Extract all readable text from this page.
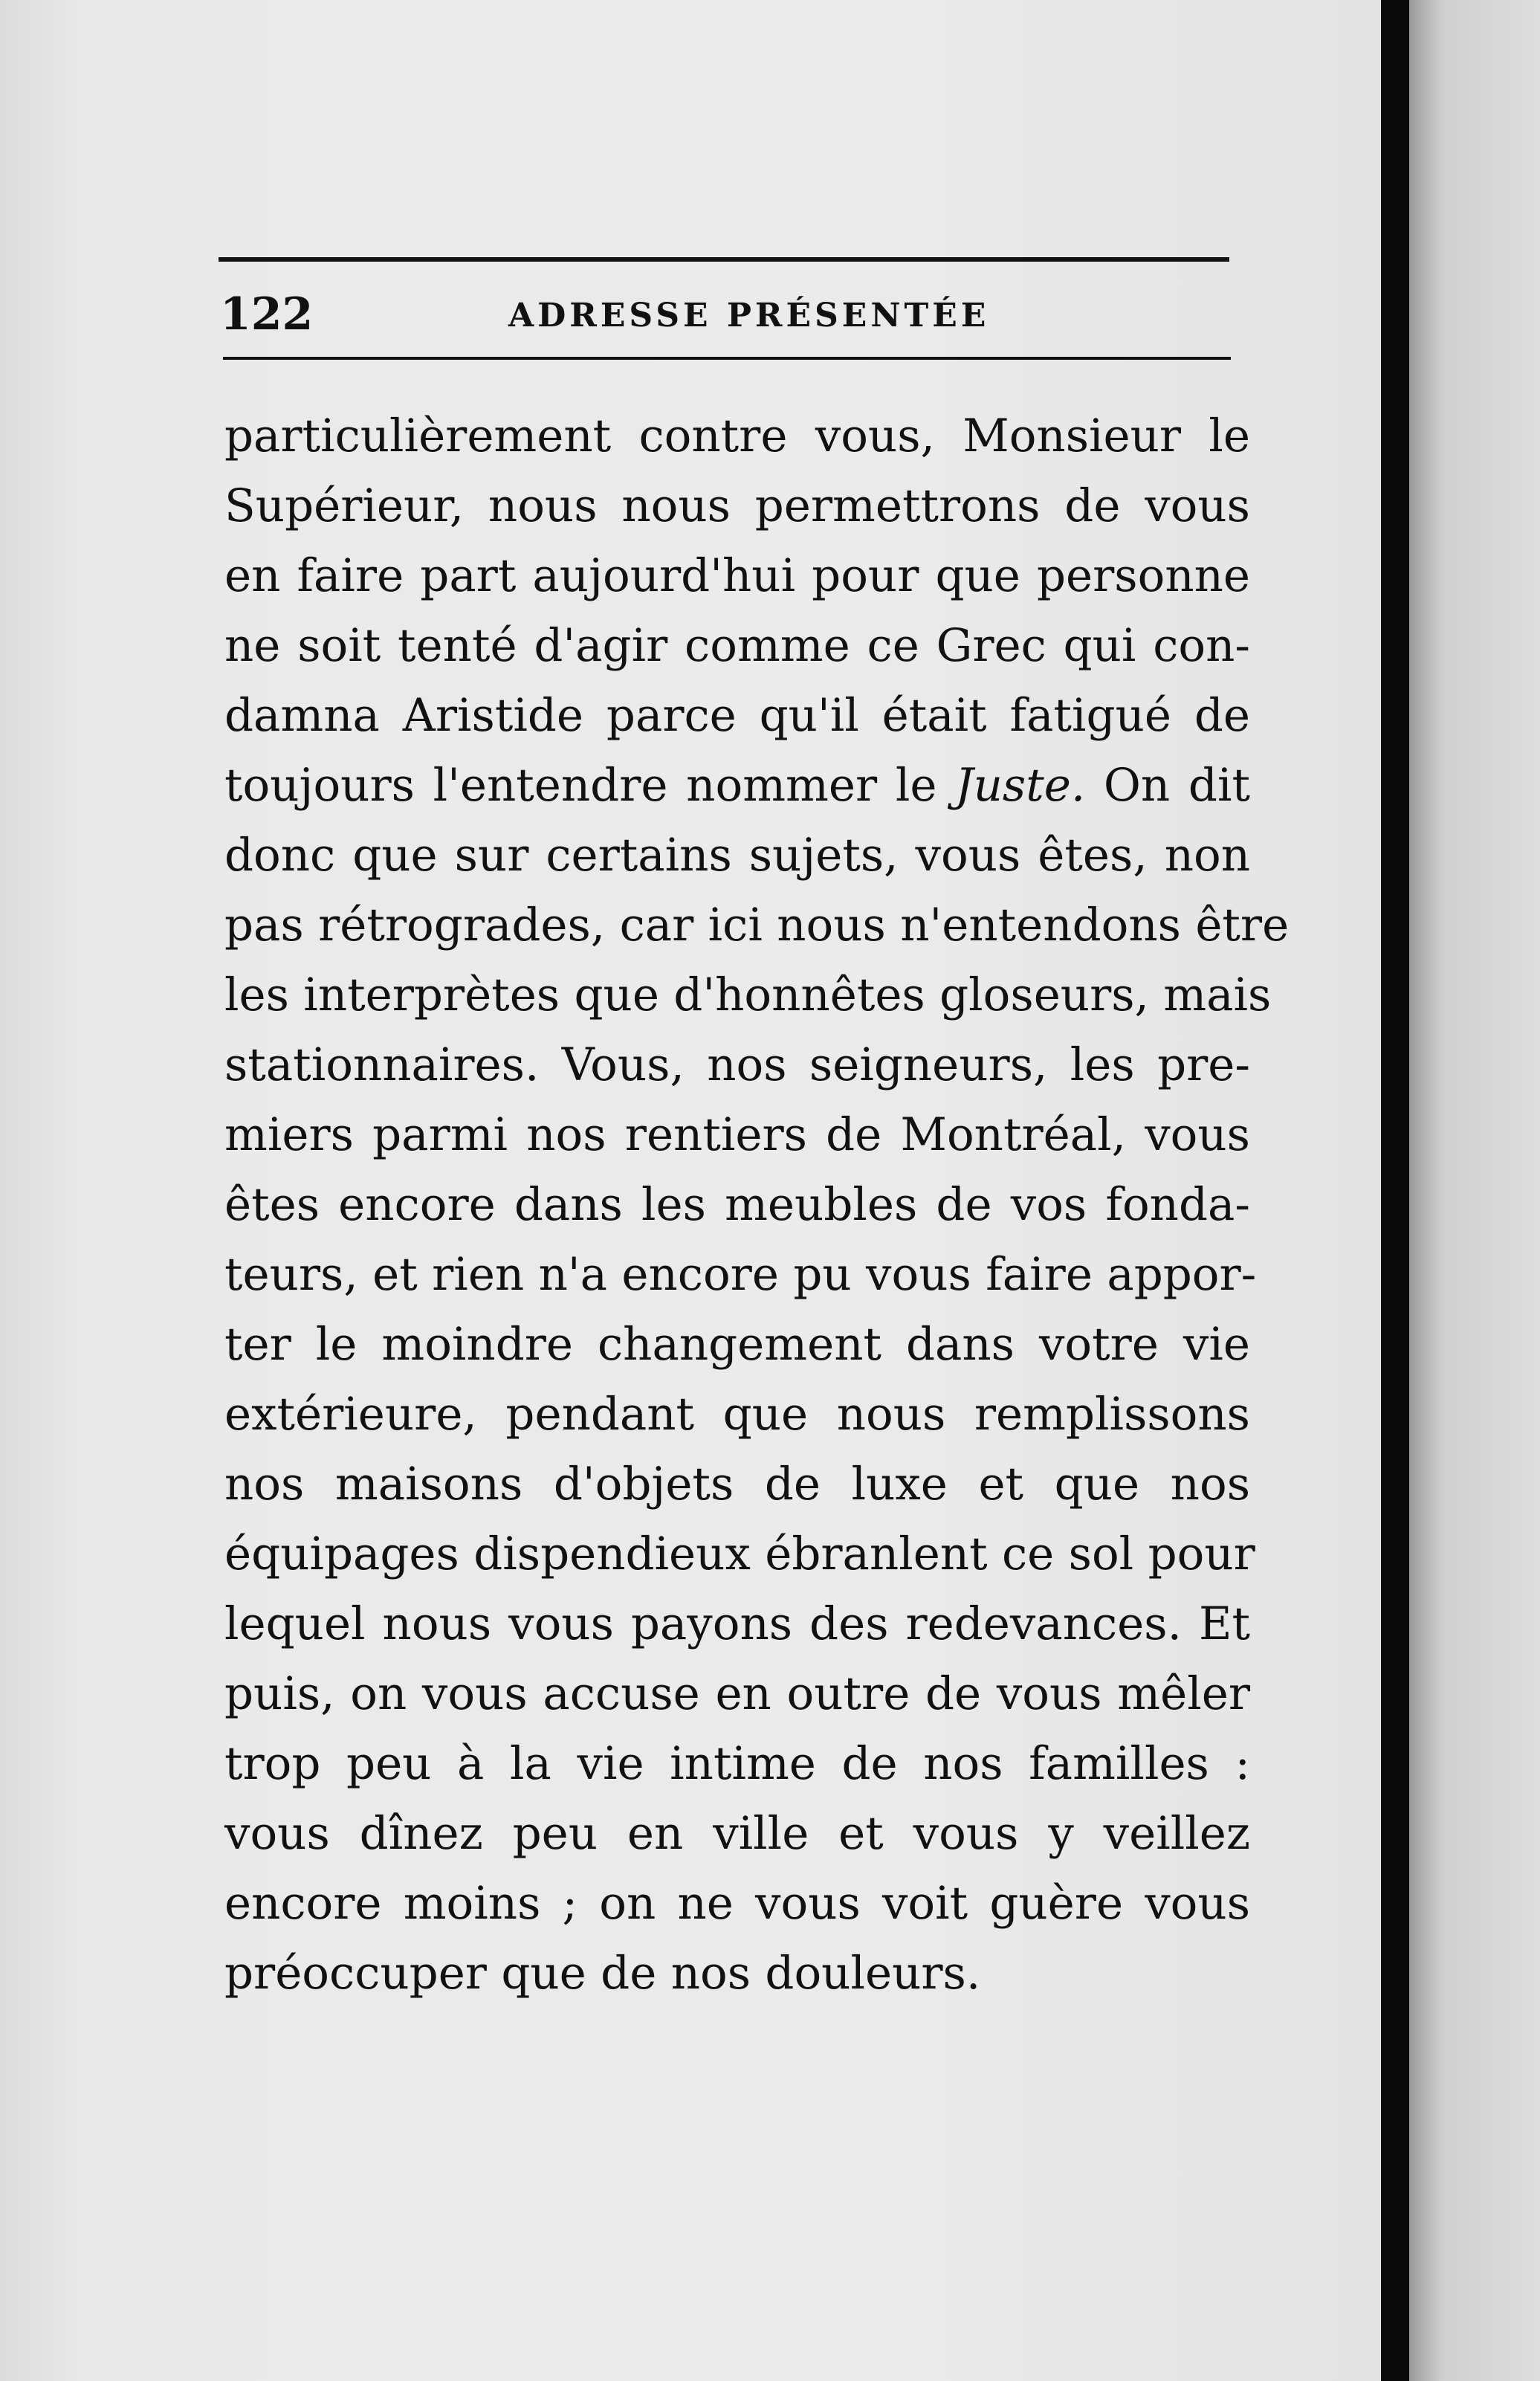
122	ADRESSE PRÉSENTÉE
particulièrement contre vous, Monsieur le
Supérieur, nous nous permettrons de vous
en faire part aujourd'hui pour que personne
ne soit tenté d'agir comme ce Grec qui con-
damna Aristide parce qu'il était fatigué de
toujours l'entendre nommer le Juste. On dit
donc que sur certains sujets, vous êtes, non
pas rétrogrades, car ici nous n'entendons être
les interprètes que d'honnêtes gloseurs, mais
stationnaires. Vous, nos seigneurs, les pre-
miers parmi nos rentiers de Montréal, vous
êtes encore dans les meubles de vos fonda-
teurs, et rien n'a encore pu vous faire appor-
ter le moindre changement dans votre vie
extérieure, pendant que nous remplissons
nos maisons d'objets de luxe et que nos
équipages dispendieux ébranlent ce sol pour
lequel nous vous payons des redevances. Et
puis, on vous accuse en outre de vous mêler
trop peu à la vie intime de nos familles :
vous dînez peu en ville et vous y veillez
encore moins ; on ne vous voit guère vous
préoccuper que de nos douleurs.
